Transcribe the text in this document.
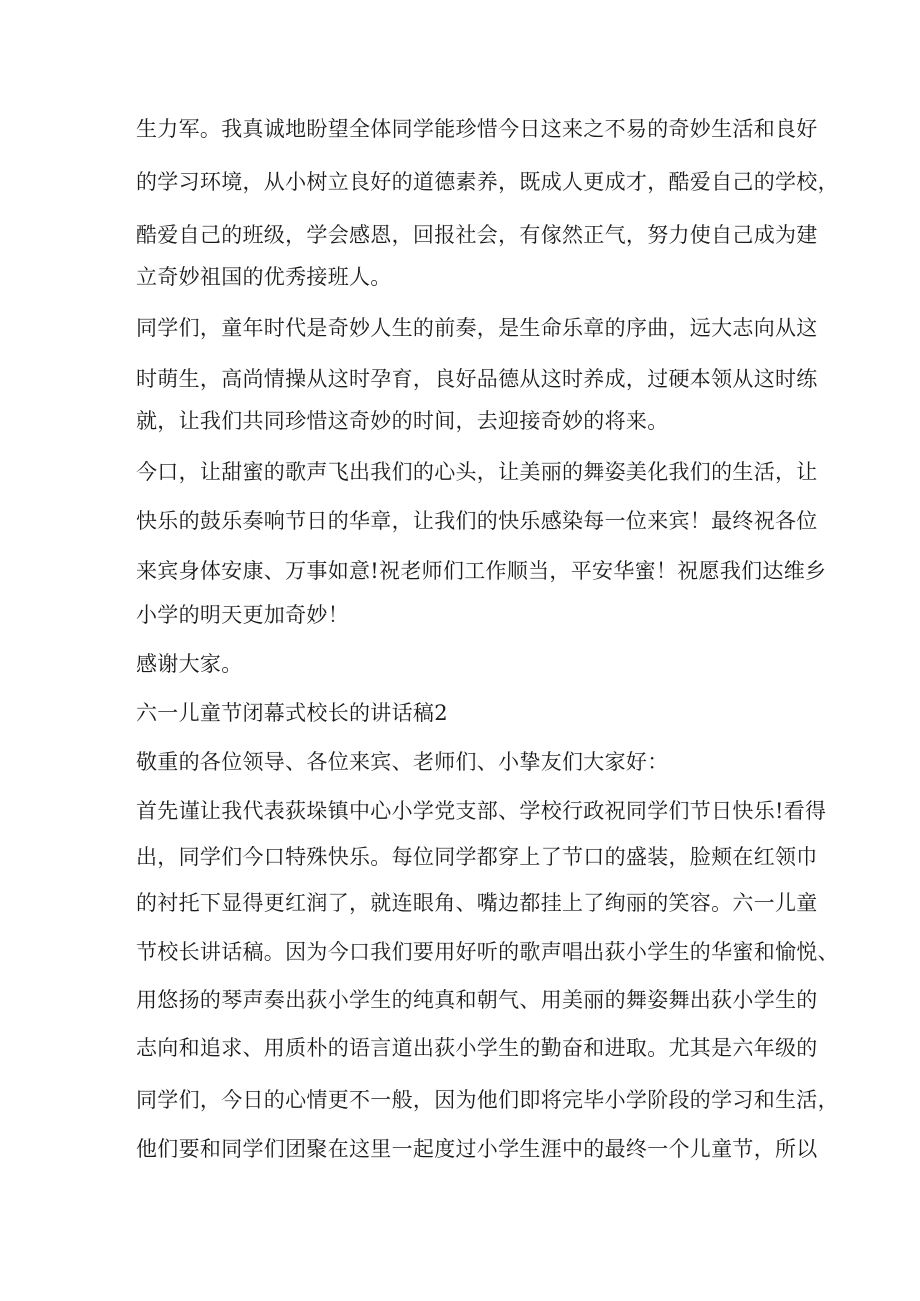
生力军。我真诚地盼望全体同学能珍惜今日这来之不易的奇妙生活和良好
的学习环境，从小树立良好的道德素养，既成人更成才，酷爱自己的学校，
酷爱自己的班级，学会感恩，回报社会，有傢然正气，努力使自己成为建
立奇妙祖国的优秀接班人。
同学们，童年时代是奇妙人生的前奏，是生命乐章的序曲，远大志向从这
时萌生，高尚情操从这时孕育，良好品德从这时养成，过硬本领从这时练
就，让我们共同珍惜这奇妙的时间，去迎接奇妙的将来。
今口，让甜蜜的歌声飞出我们的心头，让美丽的舞姿美化我们的生活，让
快乐的鼓乐奏响节日的华章，让我们的快乐感染每一位来宾！最终祝各位
来宾身体安康、万事如意!祝老师们工作顺当，平安华蜜！祝愿我们达维乡
小学的明天更加奇妙！
感谢大家。
六一儿童节闭幕式校长的讲话稿2
敬重的各位领导、各位来宾、老师们、小挚友们大家好：
首先谨让我代表荻垛镇中心小学党支部、学校行政祝同学们节日快乐!看得
出，同学们今口特殊快乐。每位同学都穿上了节口的盛装，脸颊在红领巾
的衬托下显得更红润了，就连眼角、嘴边都挂上了绚丽的笑容。六一儿童
节校长讲话稿。因为今口我们要用好听的歌声唱出荻小学生的华蜜和愉悦、
用悠扬的琴声奏出荻小学生的纯真和朝气、用美丽的舞姿舞出荻小学生的
志向和追求、用质朴的语言道出荻小学生的勤奋和进取。尤其是六年级的
同学们，今日的心情更不一般，因为他们即将完毕小学阶段的学习和生活，
他们要和同学们团聚在这里一起度过小学生涯中的最终一个儿童节，所以
